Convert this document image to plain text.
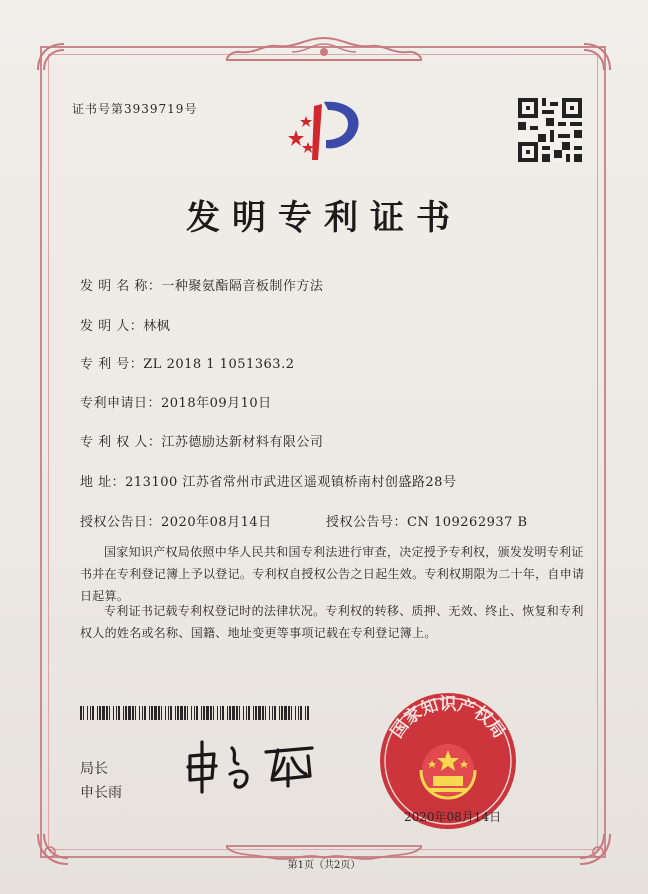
证书号第3939719号
发明专利证书
发 明 名 称：一种聚氨酯隔音板制作方法
发 明 人：林枫
专 利 号：ZL 2018 1 1051363.2
专利申请日：2018年09月10日
专 利 权 人：江苏德励达新材料有限公司
地 址：213100 江苏省常州市武进区遥观镇桥南村创盛路28号
授权公告日：2020年08月14日	授权公告号：CN 109262937 B
国家知识产权局依照中华人民共和国专利法进行审查，决定授予专利权，颁发发明专利证书并在专利登记簿上予以登记。专利权自授权公告之日起生效。专利权期限为二十年，自申请日起算。
专利证书记载专利权登记时的法律状况。专利权的转移、质押、无效、终止、恢复和专利权人的姓名或名称、国籍、地址变更等事项记载在专利登记簿上。
局长
申长雨
国家知识产权局
2020年08月14日
第1页（共2页）
